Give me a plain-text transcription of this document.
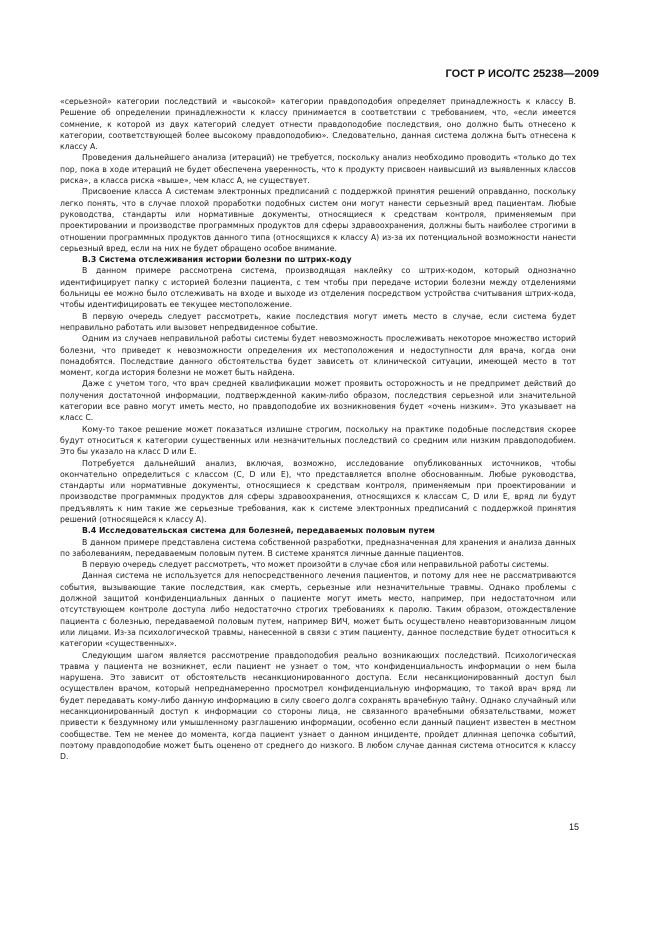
ГОСТ Р ИСО/ТС 25238—2009

«серьезной» категории последствий и «высокой» категории правдоподобия определяет принадлежность к классу В. Решение об определении принадлежности к классу принимается в соответствии с требованием, что, «если имеется сомнение, к которой из двух категорий следует отнести правдоподобие последствия, оно должно быть отнесено к категории, соответствующей более высокому правдоподобию». Следовательно, данная система должна быть отнесена к классу А.

Проведения дальнейшего анализа (итераций) не требуется, поскольку анализ необходимо проводить «только до тех пор, пока в ходе итераций не будет обеспечена уверенность, что к продукту присвоен наивысший из выявленных классов риска», а класса риска «выше», чем класс А, не существует.

Присвоение класса А системам электронных предписаний с поддержкой принятия решений оправданно, поскольку легко понять, что в случае плохой проработки подобных систем они могут нанести серьезный вред пациентам. Любые руководства, стандарты или нормативные документы, относящиеся к средствам контроля, применяемым при проектировании и производстве программных продуктов для сферы здравоохранения, должны быть наиболее строгими в отношении программных продуктов данного типа (относящихся к классу А) из-за их потенциальной возможности нанести серьезный вред, если на них не будет обращено особое внимание.

В.3 Система отслеживания истории болезни по штрих-коду

В данном примере рассмотрена система, производящая наклейку со штрих-кодом, который однозначно идентифицирует папку с историей болезни пациента, с тем чтобы при передаче истории болезни между отделениями больницы ее можно было отслеживать на входе и выходе из отделения посредством устройства считывания штрих-кода, чтобы идентифицировать ее текущее местоположение.

В первую очередь следует рассмотреть, какие последствия могут иметь место в случае, если система будет неправильно работать или вызовет непредвиденное событие.

Одним из случаев неправильной работы системы будет невозможность прослеживать некоторое множество историй болезни, что приведет к невозможности определения их местоположения и недоступности для врача, когда они понадобятся. Последствие данного обстоятельства будет зависеть от клинической ситуации, имеющей место в тот момент, когда история болезни не может быть найдена.

Даже с учетом того, что врач средней квалификации может проявить осторожность и не предпримет действий до получения достаточной информации, подтвержденной каким-либо образом, последствия серьезной или значительной категории все равно могут иметь место, но правдоподобие их возникновения будет «очень низким». Это указывает на класс С.

Кому-то такое решение может показаться излишне строгим, поскольку на практике подобные последствия скорее будут относиться к категории существенных или незначительных последствий со средним или низким правдоподобием. Это бы указало на класс D или E.

Потребуется дальнейший анализ, включая, возможно, исследование опубликованных источников, чтобы окончательно определиться с классом (С, D или Е), что представляется вполне обоснованным. Любые руководства, стандарты или нормативные документы, относящиеся к средствам контроля, применяемым при проектировании и производстве программных продуктов для сферы здравоохранения, относящихся к классам С, D или Е, вряд ли будут предъявлять к ним такие же серьезные требования, как к системе электронных предписаний с поддержкой принятия решений (относящейся к классу А).

В.4 Исследовательская система для болезней, передаваемых половым путем

В данном примере представлена система собственной разработки, предназначенная для хранения и анализа данных по заболеваниям, передаваемым половым путем. В системе хранятся личные данные пациентов.

В первую очередь следует рассмотреть, что может произойти в случае сбоя или неправильной работы системы.

Данная система не используется для непосредственного лечения пациентов, и потому для нее не рассматриваются события, вызывающие такие последствия, как смерть, серьезные или незначительные травмы. Однако проблемы с должной защитой конфиденциальных данных о пациенте могут иметь место, например, при недостаточном или отсутствующем контроле доступа либо недостаточно строгих требованиях к паролю. Таким образом, отождествление пациента с болезнью, передаваемой половым путем, например ВИЧ, может быть осуществлено неавторизованным лицом или лицами. Из-за психологической травмы, нанесенной в связи с этим пациенту, данное последствие будет относиться к категории «существенных».

Следующим шагом является рассмотрение правдоподобия реально возникающих последствий. Психологическая травма у пациента не возникнет, если пациент не узнает о том, что конфиденциальность информации о нем была нарушена. Это зависит от обстоятельств несанкционированного доступа. Если несанкционированный доступ был осуществлен врачом, который непреднамеренно просмотрел конфиденциальную информацию, то такой врач вряд ли будет передавать кому-либо данную информацию в силу своего долга сохранять врачебную тайну. Однако случайный или несанкционированный доступ к информации со стороны лица, не связанного врачебными обязательствами, может привести к бездумному или умышленному разглашению информации, особенно если данный пациент известен в местном сообществе. Тем не менее до момента, когда пациент узнает о данном инциденте, пройдет длинная цепочка событий, поэтому правдоподобие может быть оценено от среднего до низкого. В любом случае данная система относится к классу D.

15
